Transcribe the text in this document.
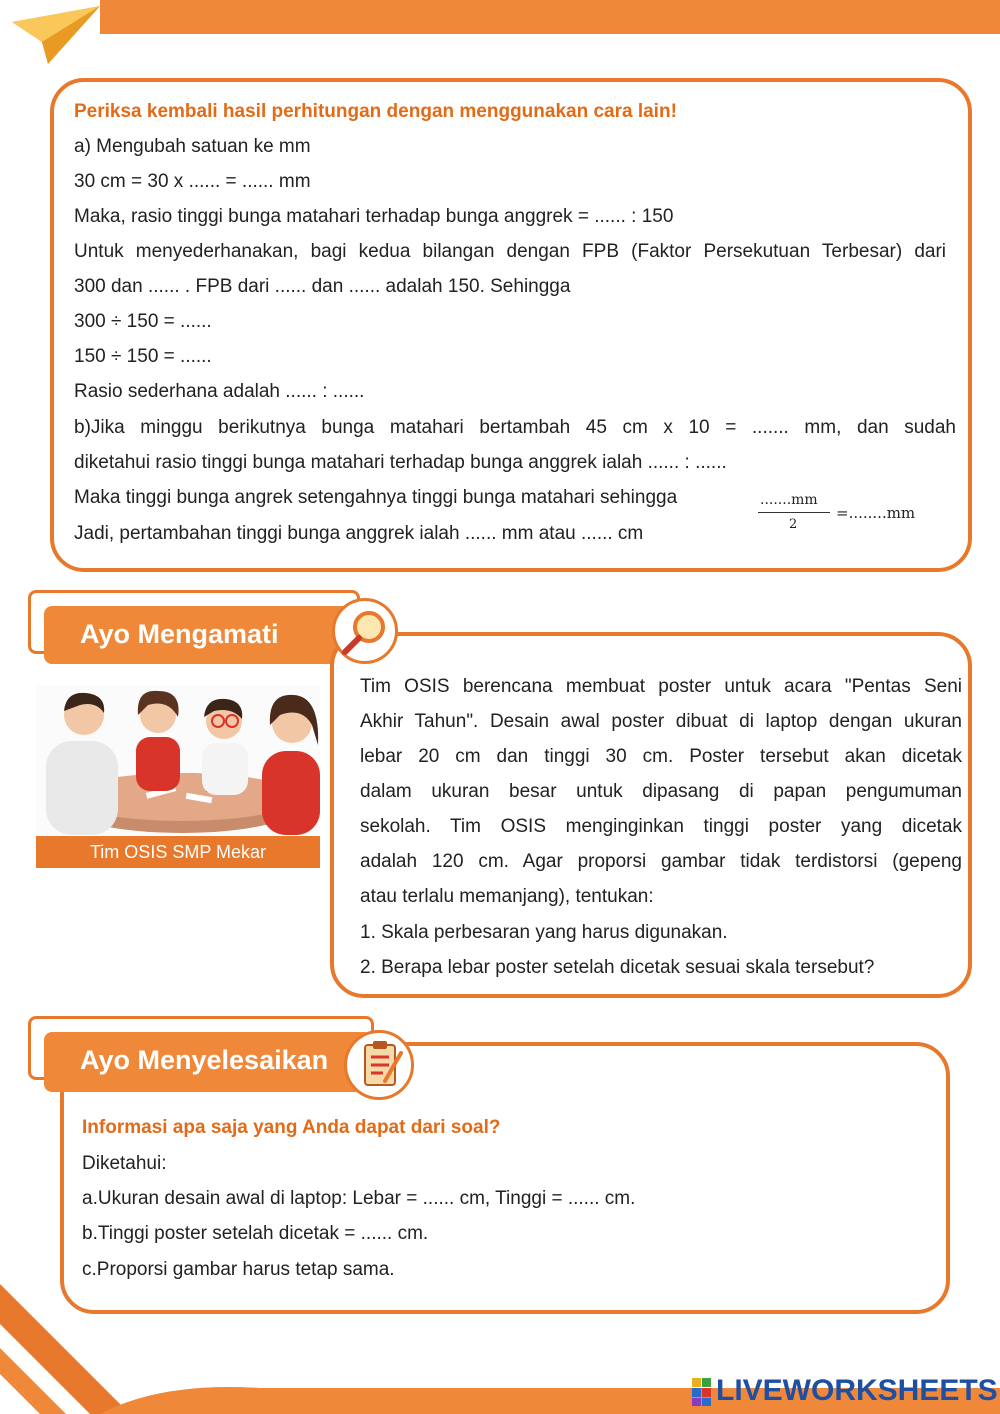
Periksa kembali hasil perhitungan dengan menggunakan cara lain!
a) Mengubah satuan ke mm
30 cm = 30 x ...... = ...... mm
Maka, rasio tinggi bunga matahari terhadap bunga anggrek = ...... : 150
Untuk menyederhanakan, bagi kedua bilangan dengan FPB (Faktor Persekutuan Terbesar) dari
300 dan ...... . FPB dari ...... dan ...... adalah 150. Sehingga
300 ÷ 150 = ......
150 ÷ 150 = ......
Rasio sederhana adalah ...... : ......
b)Jika minggu berikutnya bunga matahari bertambah 45 cm x 10 = ....... mm, dan sudah
diketahui rasio tinggi bunga matahari terhadap bunga anggrek ialah ...... : ......
Maka tinggi bunga angrek setengahnya tinggi bunga matahari sehingga
Jadi, pertambahan tinggi bunga anggrek ialah ...... mm atau ...... cm
.......mm
2
=........mm
Ayo Mengamati
Tim OSIS SMP Mekar
Tim OSIS berencana membuat poster untuk acara "Pentas Seni
Akhir Tahun". Desain awal poster dibuat di laptop dengan ukuran
lebar 20 cm dan tinggi 30 cm. Poster tersebut akan dicetak
dalam ukuran besar untuk dipasang di papan pengumuman
sekolah. Tim OSIS menginginkan tinggi poster yang dicetak
adalah 120 cm. Agar proporsi gambar tidak terdistorsi (gepeng
atau terlalu memanjang), tentukan:
1. Skala perbesaran yang harus digunakan.
2. Berapa lebar poster setelah dicetak sesuai skala tersebut?
Ayo Menyelesaikan
Informasi apa saja yang Anda dapat dari soal?
Diketahui:
a.Ukuran desain awal di laptop: Lebar = ...... cm, Tinggi = ...... cm.
b.Tinggi poster setelah dicetak = ...... cm.
c.Proporsi gambar harus tetap sama.
LIVEWORKSHEETS
